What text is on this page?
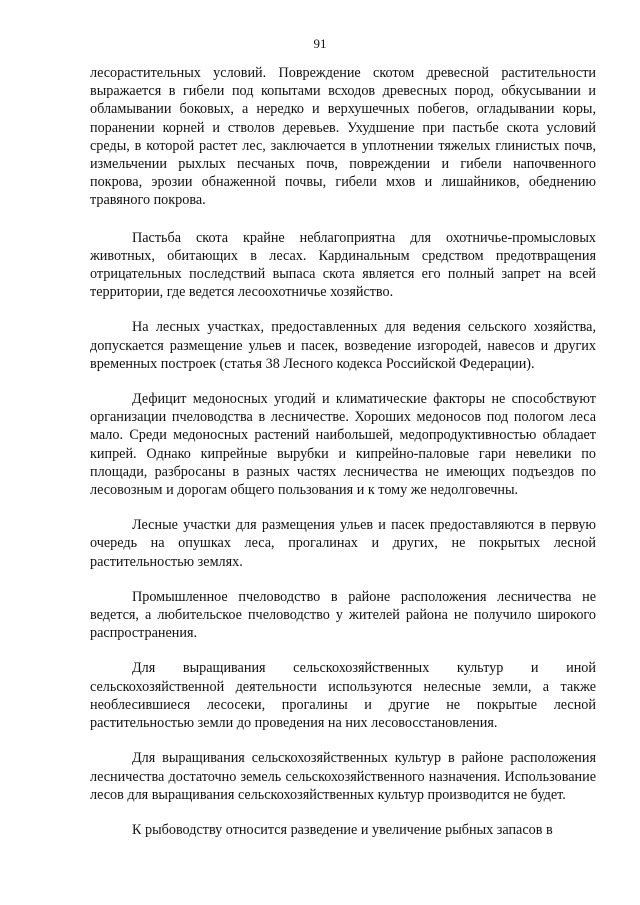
91

лесорастительных условий. Повреждение скотом древесной растительности выражается в гибели под копытами всходов древесных пород, обкусывании и обламывании боковых, а нередко и верхушечных побегов, огладывании коры, поранении корней и стволов деревьев. Ухудшение при пастьбе скота условий среды, в которой растет лес, заключается в уплотнении тяжелых глинистых почв, измельчении рыхлых песчаных почв, повреждении и гибели напочвенного покрова, эрозии обнаженной почвы, гибели мхов и лишайников, обеднению травяного покрова.

Пастьба скота крайне неблагоприятна для охотничье-промысловых животных, обитающих в лесах. Кардинальным средством предотвращения отрицательных последствий выпаса скота является его полный запрет на всей территории, где ведется лесоохотничье хозяйство.

На лесных участках, предоставленных для ведения сельского хозяйства, допускается размещение ульев и пасек, возведение изгородей, навесов и других временных построек (статья 38 Лесного кодекса Российской Федерации).

Дефицит медоносных угодий и климатические факторы не способствуют организации пчеловодства в лесничестве. Хороших медоносов под пологом леса мало. Среди медоносных растений наибольшей, медопродуктивностью обладает кипрей. Однако кипрейные вырубки и кипрейно-паловые гари невелики по площади, разбросаны в разных частях лесничества не имеющих подъездов по лесовозным и дорогам общего пользования и к тому же недолговечны.

Лесные участки для размещения ульев и пасек предоставляются в первую очередь на опушках леса, прогалинах и других, не покрытых лесной растительностью землях.

Промышленное пчеловодство в районе расположения лесничества не ведется, а любительское пчеловодство у жителей района не получило широкого распространения.

Для выращивания сельскохозяйственных культур и иной сельскохозяйственной деятельности используются нелесные земли, а также необлесившиеся лесосеки, прогалины и другие не покрытые лесной растительностью земли до проведения на них лесовосстановления.

Для выращивания сельскохозяйственных культур в районе расположения лесничества достаточно земель сельскохозяйственного назначения. Использование лесов для выращивания сельскохозяйственных культур производится не будет.

К рыбоводству относится разведение и увеличение рыбных запасов в
